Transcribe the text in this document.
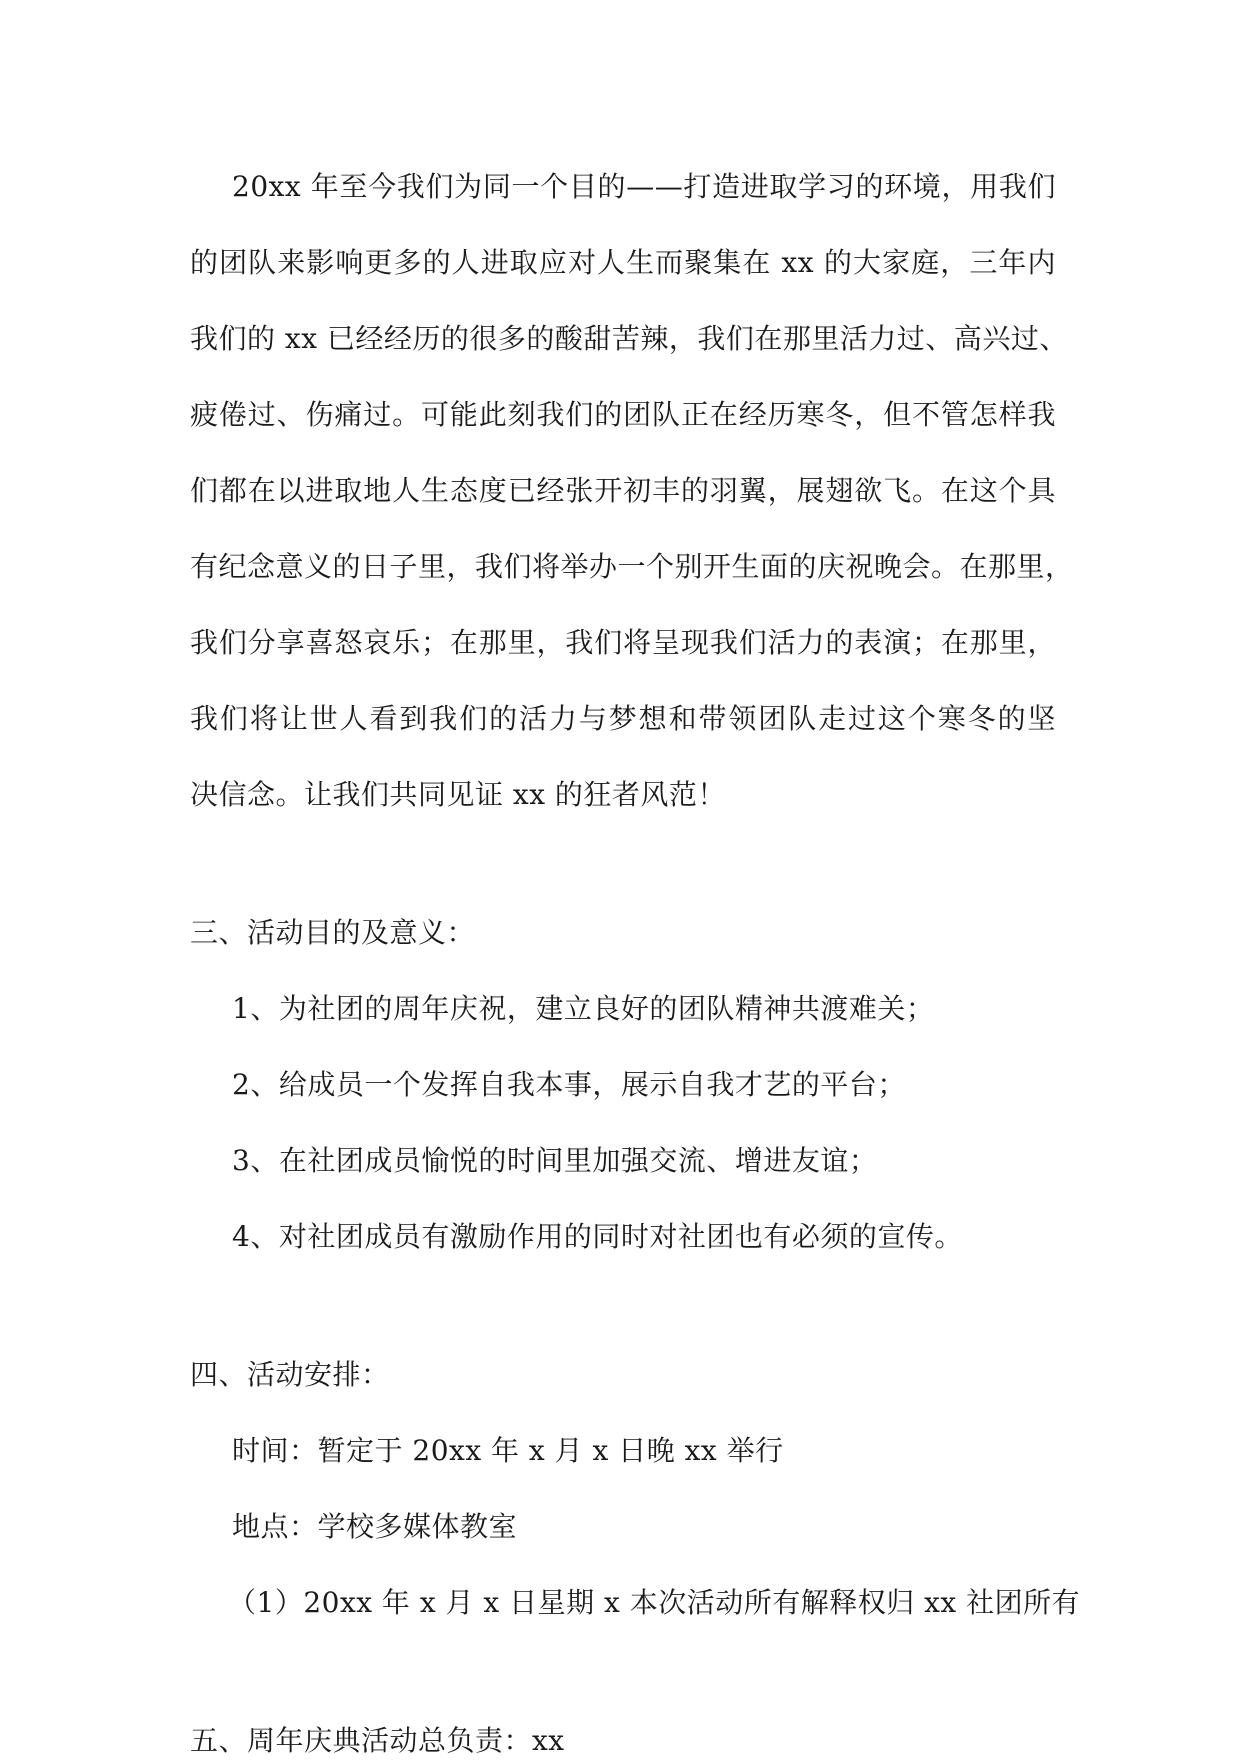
20xx 年至今我们为同一个目的——打造进取学习的环境，用我们
的团队来影响更多的人进取应对人生而聚集在 xx 的大家庭，三年内
我们的 xx 已经经历的很多的酸甜苦辣，我们在那里活力过、高兴过、
疲倦过、伤痛过。可能此刻我们的团队正在经历寒冬，但不管怎样我
们都在以进取地人生态度已经张开初丰的羽翼，展翅欲飞。在这个具
有纪念意义的日子里，我们将举办一个别开生面的庆祝晚会。在那里，
我们分享喜怒哀乐；在那里，我们将呈现我们活力的表演；在那里，
我们将让世人看到我们的活力与梦想和带领团队走过这个寒冬的坚
决信念。让我们共同见证 xx 的狂者风范！
三、活动目的及意义：
1、为社团的周年庆祝，建立良好的团队精神共渡难关；
2、给成员一个发挥自我本事，展示自我才艺的平台；
3、在社团成员愉悦的时间里加强交流、增进友谊；
4、对社团成员有激励作用的同时对社团也有必须的宣传。
四、活动安排：
时间：暂定于 20xx 年 x 月 x 日晚 xx 举行
地点：学校多媒体教室
（1）20xx 年 x 月 x 日星期 x 本次活动所有解释权归 xx 社团所有
五、周年庆典活动总负责：xx
